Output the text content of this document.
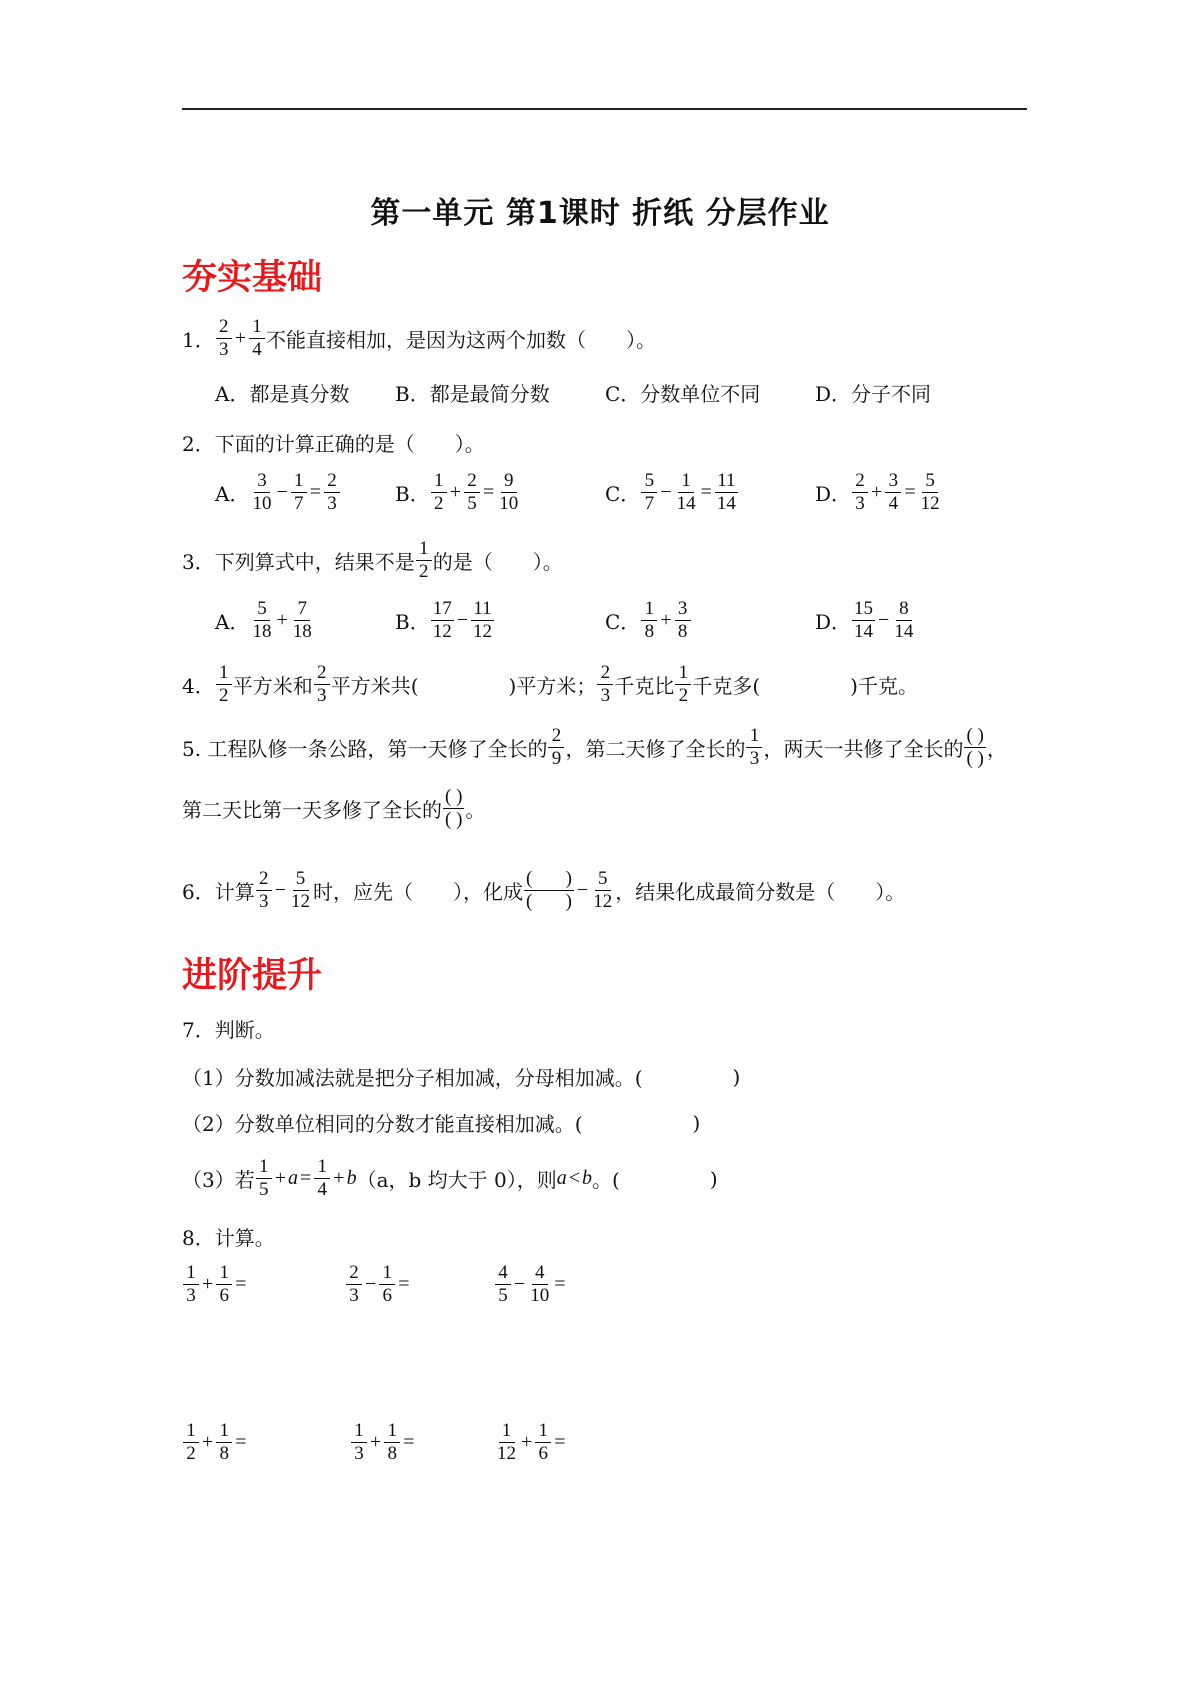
第一单元 第1课时 折纸 分层作业
夯实基础
1． $\frac{2}{3} + \frac{1}{4}$ 不能直接相加，是因为这两个加数（　　）。
A．都是真分数 B．都是最简分数	C．分数单位不同	D．分子不同
2．下面的计算正确的是（　　）。
A． $\frac{3}{10} - \frac{1}{7} = \frac{2}{3}$	B． $\frac{1}{2} + \frac{2}{5} = \frac{9}{10}$	C． $\frac{5}{7} - \frac{1}{14} = \frac{11}{14}$	D． $\frac{2}{3} + \frac{3}{4} = \frac{5}{12}$
3．下列算式中，结果不是 $\frac{1}{2}$ 的是（　　）。
A． $\frac{5}{18} + \frac{7}{18}$	B． $\frac{17}{12} - \frac{11}{12}$	C． $\frac{1}{8} + \frac{3}{8}$	D． $\frac{15}{14} - \frac{8}{14}$
4． $\frac{1}{2}$ 平方米和 $\frac{2}{3}$ 平方米共(	)平方米； $\frac{2}{3}$ 千克比 $\frac{1}{2}$ 千克多(	)千克。
5. 工程队修一条公路，第一天修了全长的 $\frac{2}{9}$ ，第二天修了全长的 $\frac{1}{3}$ ，两天一共修了全长的 $\frac{( )}{( )}$ ，
第二天比第一天多修了全长的 $\frac{( )}{( )}$ 。
6．计算 $\frac{2}{3} - \frac{5}{12}$ 时，应先（　　），化成 $\frac{( )}{( )} - \frac{5}{12}$ ，结果化成最简分数是（　　）。
进阶提升
7．判断。
（1）分数加减法就是把分子相加减，分母相加减。(	)
（2）分数单位相同的分数才能直接相加减。(	)
（3）若 $\frac{1}{5} + a = \frac{1}{4} + b$ （a，b 均大于 0），则 a < b 。(	)
8．计算。
$\frac{1}{3} + \frac{1}{6}$ =	$\frac{2}{3} - \frac{1}{6}$ =	$\frac{4}{5} - \frac{4}{10}$ =
$\frac{1}{2} + \frac{1}{8}$ =	$\frac{1}{3} + \frac{1}{8}$ =	$\frac{1}{12} + \frac{1}{6}$ =
